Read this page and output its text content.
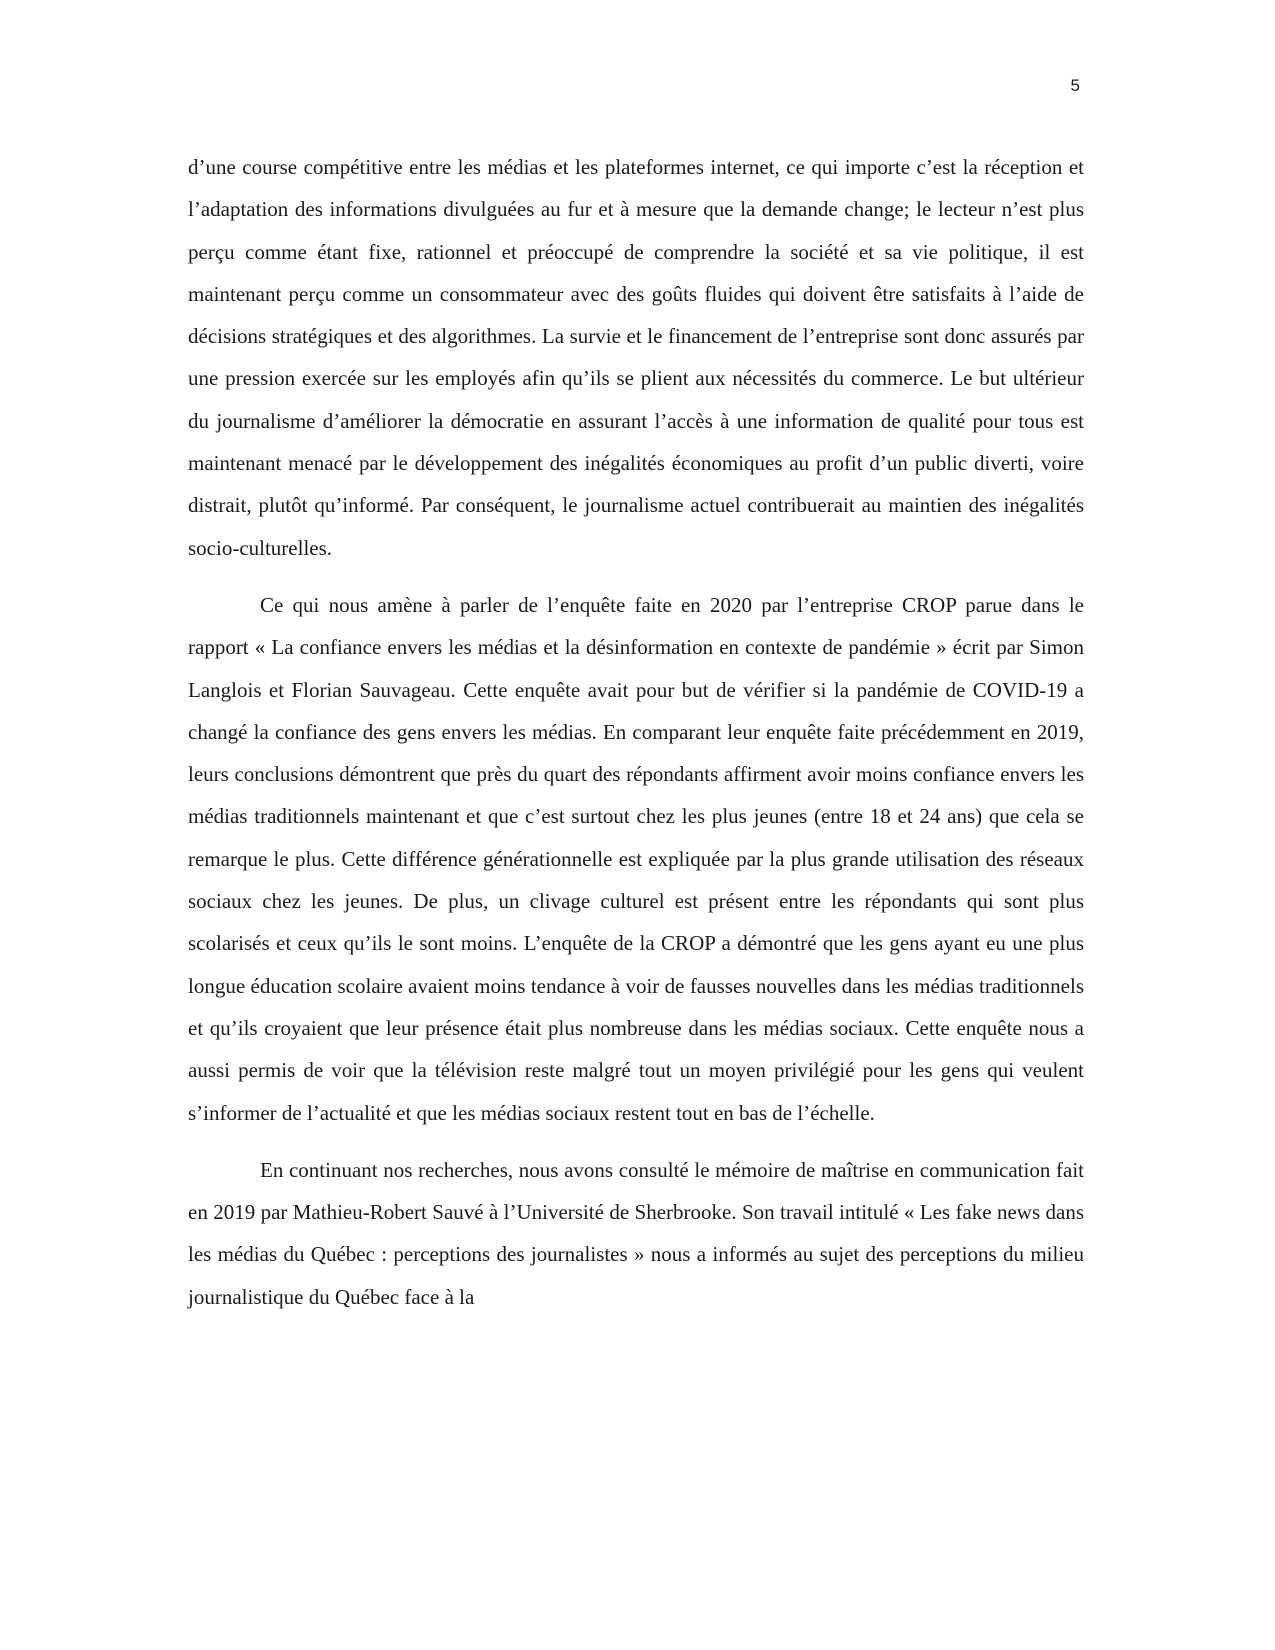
5

d’une course compétitive entre les médias et les plateformes internet, ce qui importe c’est la réception et l’adaptation des informations divulguées au fur et à mesure que la demande change; le lecteur n’est plus perçu comme étant fixe, rationnel et préoccupé de comprendre la société et sa vie politique, il est maintenant perçu comme un consommateur avec des goûts fluides qui doivent être satisfaits à l’aide de décisions stratégiques et des algorithmes. La survie et le financement de l’entreprise sont donc assurés par une pression exercée sur les employés afin qu’ils se plient aux nécessités du commerce. Le but ultérieur du journalisme d’améliorer la démocratie en assurant l’accès à une information de qualité pour tous est maintenant menacé par le développement des inégalités économiques au profit d’un public diverti, voire distrait, plutôt qu’informé. Par conséquent, le journalisme actuel contribuerait au maintien des inégalités socio-culturelles.

Ce qui nous amène à parler de l’enquête faite en 2020 par l’entreprise CROP parue dans le rapport « La confiance envers les médias et la désinformation en contexte de pandémie » écrit par Simon Langlois et Florian Sauvageau. Cette enquête avait pour but de vérifier si la pandémie de COVID-19 a changé la confiance des gens envers les médias. En comparant leur enquête faite précédemment en 2019, leurs conclusions démontrent que près du quart des répondants affirment avoir moins confiance envers les médias traditionnels maintenant et que c’est surtout chez les plus jeunes (entre 18 et 24 ans) que cela se remarque le plus. Cette différence générationnelle est expliquée par la plus grande utilisation des réseaux sociaux chez les jeunes. De plus, un clivage culturel est présent entre les répondants qui sont plus scolarisés et ceux qu’ils le sont moins. L’enquête de la CROP a démontré que les gens ayant eu une plus longue éducation scolaire avaient moins tendance à voir de fausses nouvelles dans les médias traditionnels et qu’ils croyaient que leur présence était plus nombreuse dans les médias sociaux. Cette enquête nous a aussi permis de voir que la télévision reste malgré tout un moyen privilégié pour les gens qui veulent s’informer de l’actualité et que les médias sociaux restent tout en bas de l’échelle.

En continuant nos recherches, nous avons consulté le mémoire de maîtrise en communication fait en 2019 par Mathieu-Robert Sauvé à l’Université de Sherbrooke. Son travail intitulé « Les fake news dans les médias du Québec : perceptions des journalistes » nous a informés au sujet des perceptions du milieu journalistique du Québec face à la
